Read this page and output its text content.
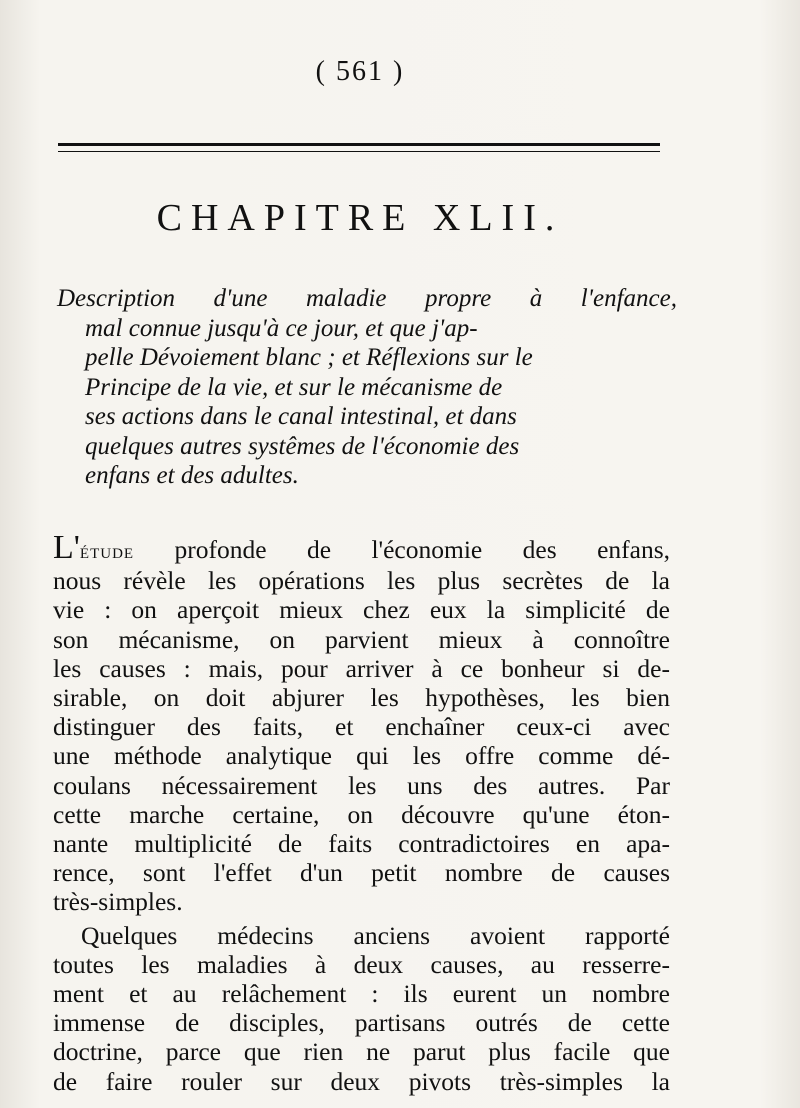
( 561 )
CHAPITRE XLII.
Description d'une maladie propre à l'enfance,
mal connue jusqu'à ce jour, et que j'ap-
pelle Dévoiement blanc ; et Réflexions sur le
Principe de la vie, et sur le mécanisme de
ses actions dans le canal intestinal, et dans
quelques autres systêmes de l'économie des
enfans et des adultes.
L'étude profonde de l'économie des enfans,
nous révèle les opérations les plus secrètes de la
vie : on aperçoit mieux chez eux la simplicité de
son mécanisme, on parvient mieux à connoître
les causes : mais, pour arriver à ce bonheur si de-
sirable, on doit abjurer les hypothèses, les bien
distinguer des faits, et enchaîner ceux-ci avec
une méthode analytique qui les offre comme dé-
coulans nécessairement les uns des autres. Par
cette marche certaine, on découvre qu'une éton-
nante multiplicité de faits contradictoires en apa-
rence, sont l'effet d'un petit nombre de causes
très-simples.
Quelques médecins anciens avoient rapporté
toutes les maladies à deux causes, au resserre-
ment et au relâchement : ils eurent un nombre
immense de disciples, partisans outrés de cette
doctrine, parce que rien ne parut plus facile que
de faire rouler sur deux pivots très-simples la
